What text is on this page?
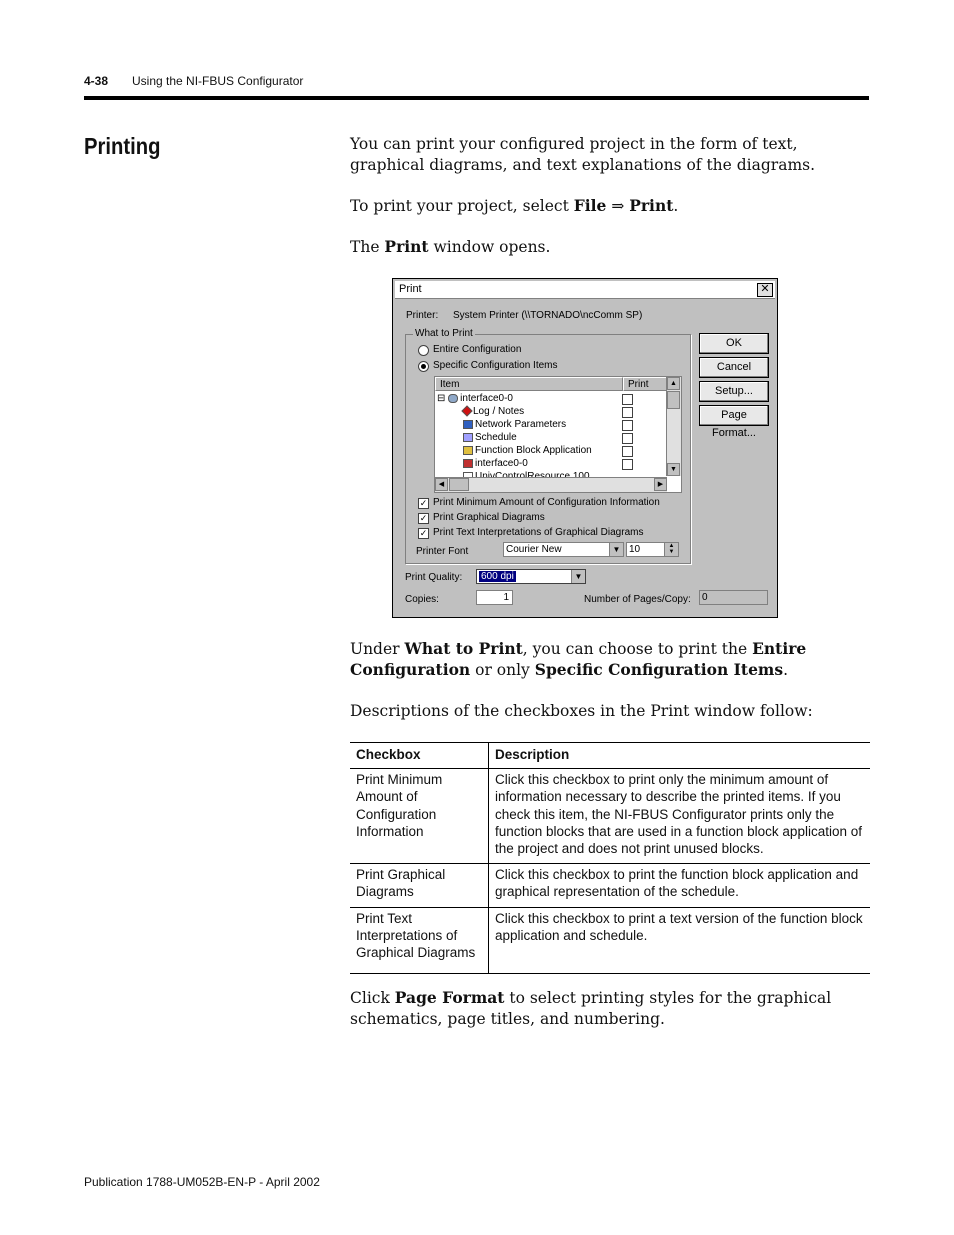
4-38 Using the NI-FBUS Configurator
Printing	You can print your configured project in the form of text, graphical diagrams, and text explanations of the diagrams.
To print your project, select File ⇒ Print.
The Print window opens.
Print	✕
Printer: System Printer (\\TORNADO\ncComm SP)
What to Print
Entire Configuration
Specific Configuration Items
Item	Print
⊟ interface0-0
Log / Notes
Network Parameters
Schedule
Function Block Application
interface0-0
▲
▼
◀	▶
✓ Print Minimum Amount of Configuration Information
✓ Print Graphical Diagrams
✓ Print Text Interpretations of Graphical Diagrams
Printer Font	Courier New	▼ 10	▲
▼
OK
Cancel
Setup...
Page Format...
Print Quality:	600 dpi	▼
Copies:	1	Number of Pages/Copy:	0
Under What to Print, you can choose to print the Entire Configuration or only Specific Configuration Items.
Descriptions of the checkboxes in the Print window follow:
Checkbox	Description
Print Minimum Amount of Configuration Information	Click this checkbox to print only the minimum amount of information necessary to describe the printed items. If you check this item, the NI-FBUS Configurator prints only the function blocks that are used in a function block application of the project and does not print unused blocks.
Print Graphical Diagrams	Click this checkbox to print the function block application and graphical representation of the schedule.
Print Text Interpretations of Graphical Diagrams	Click this checkbox to print a text version of the function block application and schedule.
Click Page Format to select printing styles for the graphical schematics, page titles, and numbering.
Publication 1788-UM052B-EN-P - April 2002
